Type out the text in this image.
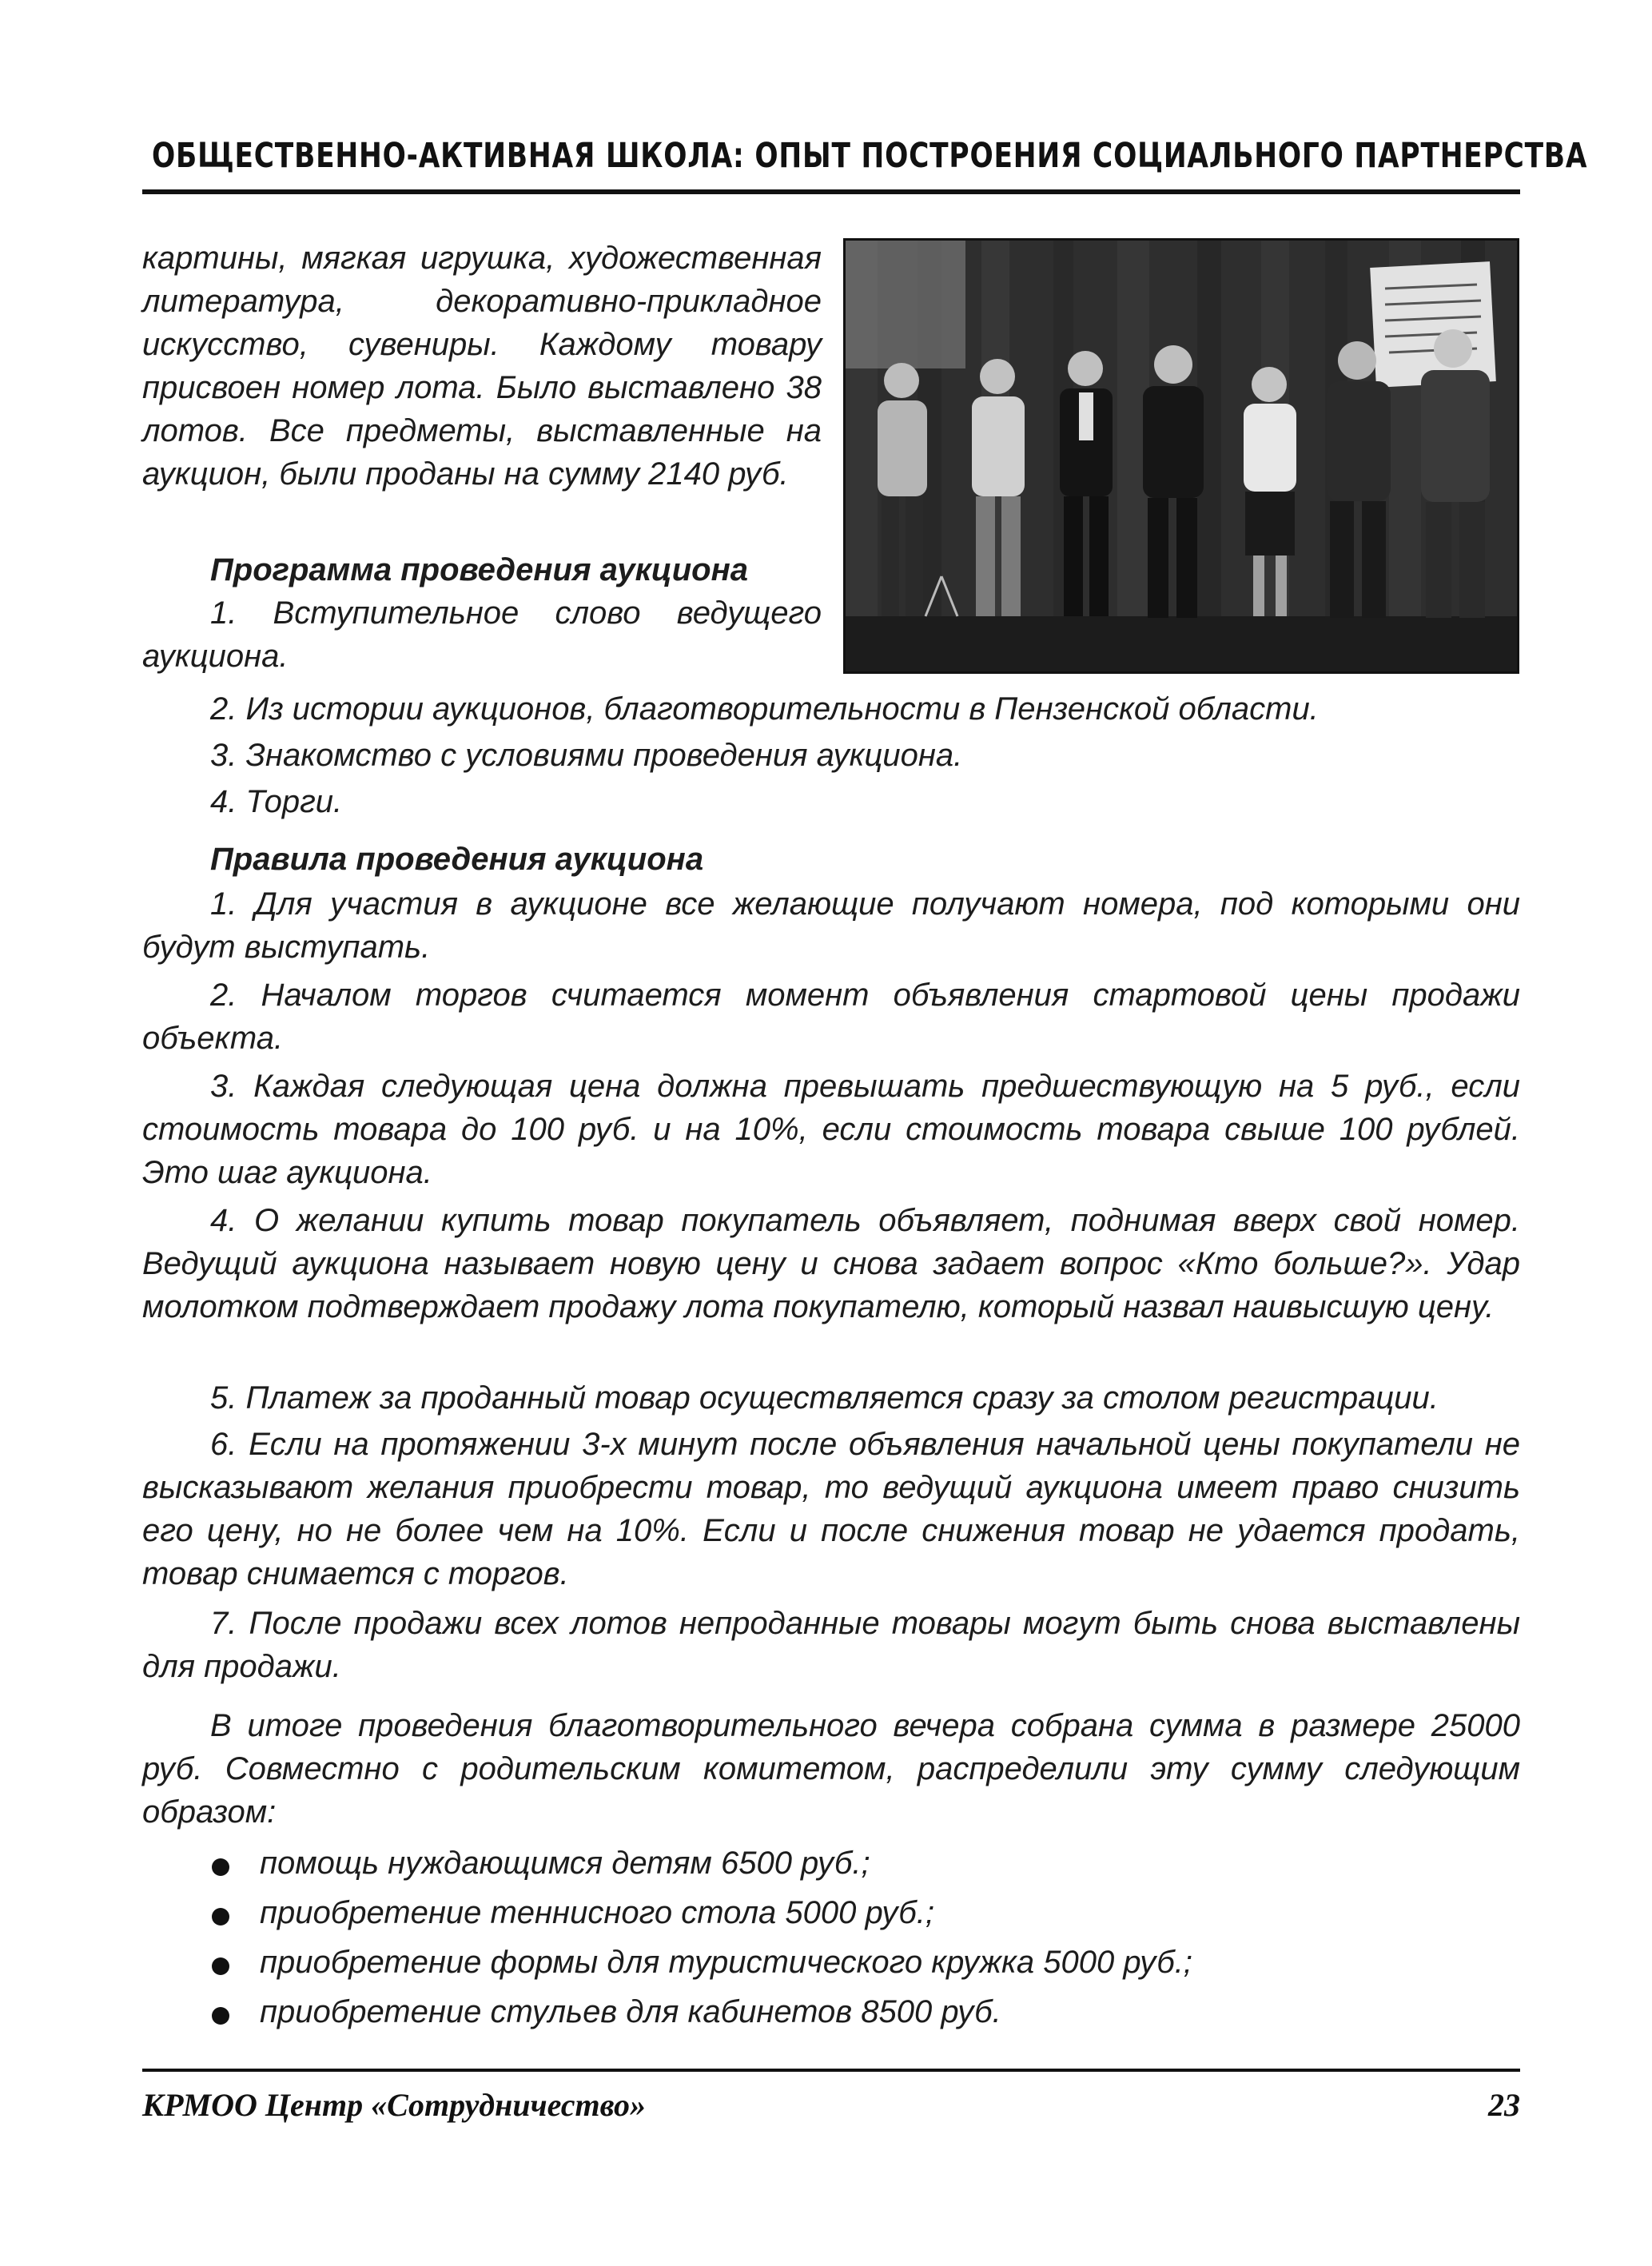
ОБЩЕСТВЕННО-АКТИВНАЯ ШКОЛА: ОПЫТ ПОСТРОЕНИЯ СОЦИАЛЬНОГО ПАРТНЕРСТВА

картины, мягкая игрушка, художественная литература, декоративно-прикладное искусство, сувениры. Каждому товару присвоен номер лота. Было выставлено 38 лотов. Все предметы, выставленные на аукцион, были проданы на сумму 2140 руб.

Программа проведения аукциона

1. Вступительное слово ведущего

аукциона.
2. Из истории аукционов, благотворительности в Пензенской области.
3. Знакомство с условиями проведения аукциона.
4. Торги.
Правила проведения аукциона

1. Для участия в аукционе все желающие получают номера, под которыми они будут выступать.

2. Началом торгов считается момент объявления стартовой цены продажи объекта.

3. Каждая следующая цена должна превышать предшествующую на 5 руб., если стоимость товара до 100 руб. и на 10%, если стоимость товара свыше 100 рублей. Это шаг аукциона.

4. О желании купить товар покупатель объявляет, поднимая вверх свой номер. Ведущий аукциона называет новую цену и снова задает вопрос «Кто больше?». Удар молотком подтверждает продажу лота покупателю, который назвал наивысшую цену.

5. Платеж за проданный товар осуществляется сразу за столом регистрации.

6. Если на протяжении 3-х минут после объявления начальной цены покупатели не высказывают желания приобрести товар, то ведущий аукциона имеет право снизить его цену, но не более чем на 10%. Если и после снижения товар не удается продать, товар снимается с торгов.

7. После продажи всех лотов непроданные товары могут быть снова выставлены для продажи.

В итоге проведения благотворительного вечера собрана сумма в размере 25000 руб. Совместно с родительским комитетом, распределили эту сумму следующим образом:

помощь нуждающимся детям 6500 руб.;
приобретение теннисного стола 5000 руб.;
приобретение формы для туристического кружка 5000 руб.;
приобретение стульев для кабинетов 8500 руб.
КРМОО Центр «Сотрудничество»	23
